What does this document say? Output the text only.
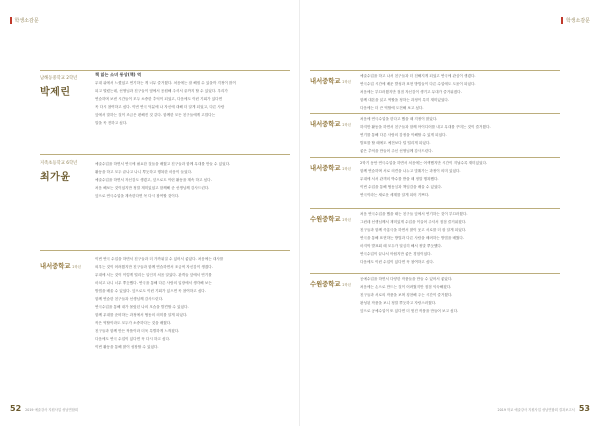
학생소감문
남해동중학교 2학년
박제린

책 읽는 소녀 동상(책) 역

무대 위에서 느꼈었고 연기하는 게 너무 즐거웠다. 처음에는 잘 해낼 수 있을까 걱정이 많이

되고 떨렸는데, 선생님과 친구들이 옆에서 응원해 주셔서 끝까지 할 수 있었다. 우리가

연습하며 보낸 시간들이 모두 소중한 추억이 되었고, 다음에도 이런 기회가 있다면

꼭 다시 참여하고 싶다. 이번 연극 덕분에 나 자신에 대해 더 알게 되었고, 다른 사람

앞에서 말하는 것이 조금은 편해진 것 같다. 함께한 모든 친구들에게 고맙다는

말을 꼭 전하고 싶다.

지족초등학교 6학년
최가윤

예술수업을 하면서 연극에 필요한 것들을 배웠고 친구들과 함께 무대를 만들 수 있었다.

활동을 하고 모두 끝나고 나니 뿌듯하고 행복한 마음이 들었다.

예술수업을 하면서 자신감도 생겼고, 앞으로도 이런 활동을 계속 하고 싶다.

처음 해보는 것이었지만 정말 재미있었고 함께해 준 선생님께 감사드린다.

앞으로 연극수업을 계속한다면 꼭 다시 참여할 것이다.

내서중학교 2학년

이번 연극 수업을 하면서 친구들과 더 가까워질 수 있어서 좋았다. 처음에는 대사를

외우는 것이 어려웠지만 친구들과 함께 연습하면서 조금씩 자신감이 생겼다.

무대에 서는 것이 이렇게 떨리는 일인지 처음 알았다. 관객들 앞에서 연기를

마치고 나니 너무 뿌듯했다. 연극을 통해 다른 사람의 입장에서 생각해 보는

방법을 배울 수 있었다. 앞으로도 이런 기회가 있으면 꼭 참여하고 싶다.

함께 연습한 친구들과 선생님께 감사드린다.

연극수업을 통해 내가 몰랐던 나의 모습을 발견할 수 있었다.

함께 무대를 준비하는 과정에서 협동의 의미를 알게 되었다.

작은 역할이라도 모두가 소중하다는 것을 배웠다.

친구들과 함께 만든 작품이라 더욱 특별하게 느껴졌다.

다음에도 연극 수업이 있다면 꼭 다시 하고 싶다.

이번 활동을 통해 많이 성장할 수 있었다.

52 2019 예술강사 지원사업 성남연합회
학생소감문
내서중학교 2학년

예술수업을 하고 나서 친구들과 더 친해지게 되었고 연극에 관심이 생겼다.

연극수업 시간에 배운 발성과 표현 방법들이 다른 수업에도 도움이 되었다.

처음에는 부끄러웠지만 점점 자신감이 생기고 무대가 즐거워졌다.

함께 대본을 읽고 역할을 정하는 과정이 특히 재미있었다.

다음에는 더 큰 역할에 도전해 보고 싶다.

내서중학교 2학년

처음에 연극수업을 한다고 했을 때 걱정이 많았다.

하지만 활동을 하면서 친구들과 함께 아이디어를 내고 무대를 꾸미는 것이 즐거웠다.

연기를 통해 다른 사람의 감정을 이해할 수 있게 되었다.

발표를 할 때에도 예전보다 덜 떨리게 되었다.

좋은 추억을 만들어 주신 선생님께 감사드린다.

내서중학교 2학년

2학기 동안 연극수업을 하면서 처음에는 어색했지만 시간이 지날수록 재미있었다.

함께 연습하며 서로 의견을 나누고 맞춰가는 과정이 의미 있었다.

무대에 서서 관객의 박수를 받을 때 정말 행복했다.

이번 수업을 통해 협동심과 책임감을 배울 수 있었다.

연극이라는 새로운 세계를 알게 되어 기쁘다.

수원중학교 2학년

처음 연극수업을 했을 때는 친구들 앞에서 연기하는 것이 부끄러웠다.

그런데 선생님께서 재미있게 수업을 이끌어 주셔서 점점 즐거워졌다.

친구들과 함께 즉흥극을 하면서 많이 웃고 서로를 더 잘 알게 되었다.

연극을 통해 표현하는 방법과 다른 사람을 배려하는 방법을 배웠다.

마지막 발표회 때 모두가 열심히 해서 정말 뿌듯했다.

연극수업이 끝나서 아쉽지만 좋은 경험이었다.

다음에도 이런 수업이 있다면 꼭 참여하고 싶다.

수원중학교 2학년

공예수업을 하면서 다양한 작품들을 만들 수 있어서 좋았다.

처음에는 손으로 만드는 것이 어려웠지만 점점 익숙해졌다.

친구들과 서로의 작품을 보며 칭찬해 주는 시간이 즐거웠다.

완성된 작품을 보니 정말 뿌듯하고 자랑스러웠다.

앞으로 공예수업이 또 있다면 더 멋진 작품을 만들어 보고 싶다.

2019 학교 예술강사 지원사업 성남연합회 결과보고서 53
